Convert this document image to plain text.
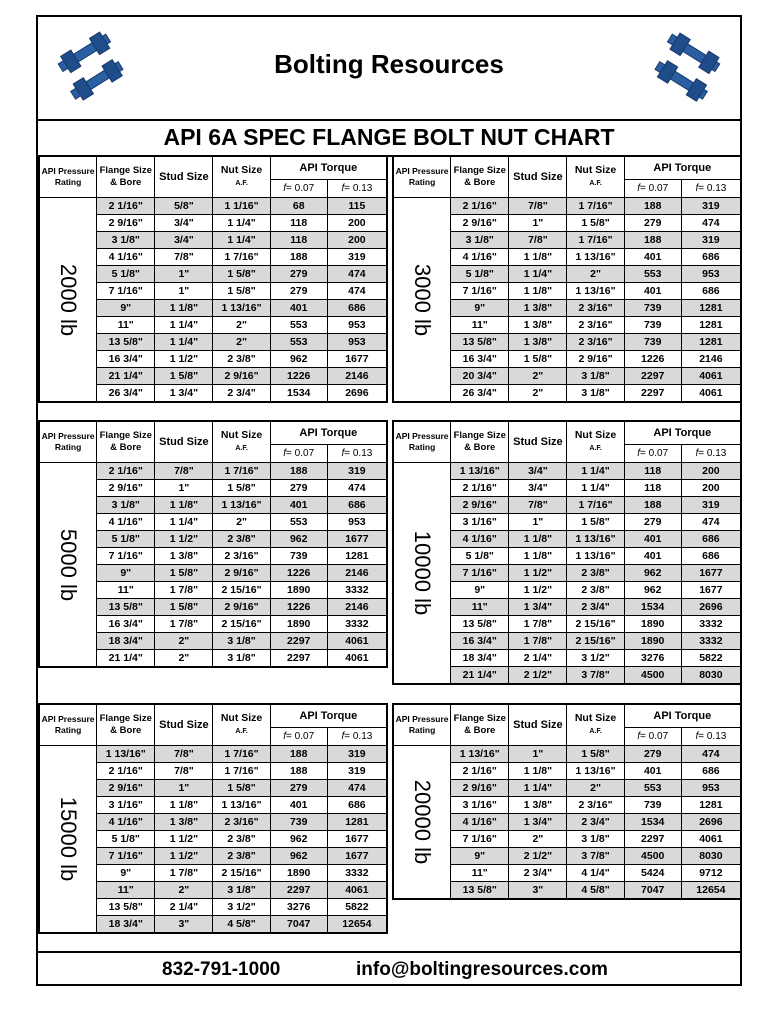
Bolting Resources
API 6A SPEC FLANGE BOLT NUT CHART
832-791-1000	info@boltingresources.com
API Pressure Rating	Flange Size & Bore	Stud Size	Nut Size
A.F.	API Torque	
				f= 0.07	f= 0.13

2000 lb	2 1/16"	5/8"	1 1/16"	68	115
	2 9/16"	3/4"	1 1/4"	118	200
	3 1/8"	3/4"	1 1/4"	118	200
	4 1/16"	7/8"	1 7/16"	188	319
	5 1/8"	1"	1 5/8"	279	474
	7 1/16"	1"	1 5/8"	279	474
	9"	1 1/8"	1 13/16"	401	686
	11"	1 1/4"	2"	553	953
	13 5/8"	1 1/4"	2"	553	953
	16 3/4"	1 1/2"	2 3/8"	962	1677
	21 1/4"	1 5/8"	2 9/16"	1226	2146
	26 3/4"	1 3/4"	2 3/4"	1534	2696
API Pressure Rating	Flange Size & Bore	Stud Size	Nut Size
A.F.	API Torque	
				f= 0.07	f= 0.13

3000 lb	2 1/16"	7/8"	1 7/16"	188	319
	2 9/16"	1"	1 5/8"	279	474
	3 1/8"	7/8"	1 7/16"	188	319
	4 1/16"	1 1/8"	1 13/16"	401	686
	5 1/8"	1 1/4"	2"	553	953
	7 1/16"	1 1/8"	1 13/16"	401	686
	9"	1 3/8"	2 3/16"	739	1281
	11"	1 3/8"	2 3/16"	739	1281
	13 5/8"	1 3/8"	2 3/16"	739	1281
	16 3/4"	1 5/8"	2 9/16"	1226	2146
	20 3/4"	2"	3 1/8"	2297	4061
	26 3/4"	2"	3 1/8"	2297	4061
API Pressure Rating	Flange Size & Bore	Stud Size	Nut Size
A.F.	API Torque	
				f= 0.07	f= 0.13

5000 lb	2 1/16"	7/8"	1 7/16"	188	319
	2 9/16"	1"	1 5/8"	279	474
	3 1/8"	1 1/8"	1 13/16"	401	686
	4 1/16"	1 1/4"	2"	553	953
	5 1/8"	1 1/2"	2 3/8"	962	1677
	7 1/16"	1 3/8"	2 3/16"	739	1281
	9"	1 5/8"	2 9/16"	1226	2146
	11"	1 7/8"	2 15/16"	1890	3332
	13 5/8"	1 5/8"	2 9/16"	1226	2146
	16 3/4"	1 7/8"	2 15/16"	1890	3332
	18 3/4"	2"	3 1/8"	2297	4061
	21 1/4"	2"	3 1/8"	2297	4061
API Pressure Rating	Flange Size & Bore	Stud Size	Nut Size
A.F.	API Torque	
				f= 0.07	f= 0.13

10000 lb	1 13/16"	3/4"	1 1/4"	118	200
	2 1/16"	3/4"	1 1/4"	118	200
	2 9/16"	7/8"	1 7/16"	188	319
	3 1/16"	1"	1 5/8"	279	474
	4 1/16"	1 1/8"	1 13/16"	401	686
	5 1/8"	1 1/8"	1 13/16"	401	686
	7 1/16"	1 1/2"	2 3/8"	962	1677
	9"	1 1/2"	2 3/8"	962	1677
	11"	1 3/4"	2 3/4"	1534	2696
	13 5/8"	1 7/8"	2 15/16"	1890	3332
	16 3/4"	1 7/8"	2 15/16"	1890	3332
	18 3/4"	2 1/4"	3 1/2"	3276	5822
	21 1/4"	2 1/2"	3 7/8"	4500	8030
API Pressure Rating	Flange Size & Bore	Stud Size	Nut Size
A.F.	API Torque	
				f= 0.07	f= 0.13

15000 lb	1 13/16"	7/8"	1 7/16"	188	319
	2 1/16"	7/8"	1 7/16"	188	319
	2 9/16"	1"	1 5/8"	279	474
	3 1/16"	1 1/8"	1 13/16"	401	686
	4 1/16"	1 3/8"	2 3/16"	739	1281
	5 1/8"	1 1/2"	2 3/8"	962	1677
	7 1/16"	1 1/2"	2 3/8"	962	1677
	9"	1 7/8"	2 15/16"	1890	3332
	11"	2"	3 1/8"	2297	4061
	13 5/8"	2 1/4"	3 1/2"	3276	5822
	18 3/4"	3"	4 5/8"	7047	12654
API Pressure Rating	Flange Size & Bore	Stud Size	Nut Size
A.F.	API Torque	
				f= 0.07	f= 0.13

20000 lb	1 13/16"	1"	1 5/8"	279	474
	2 1/16"	1 1/8"	1 13/16"	401	686
	2 9/16"	1 1/4"	2"	553	953
	3 1/16"	1 3/8"	2 3/16"	739	1281
	4 1/16"	1 3/4"	2 3/4"	1534	2696
	7 1/16"	2"	3 1/8"	2297	4061
	9"	2 1/2"	3 7/8"	4500	8030
	11"	2 3/4"	4 1/4"	5424	9712
	13 5/8"	3"	4 5/8"	7047	12654
